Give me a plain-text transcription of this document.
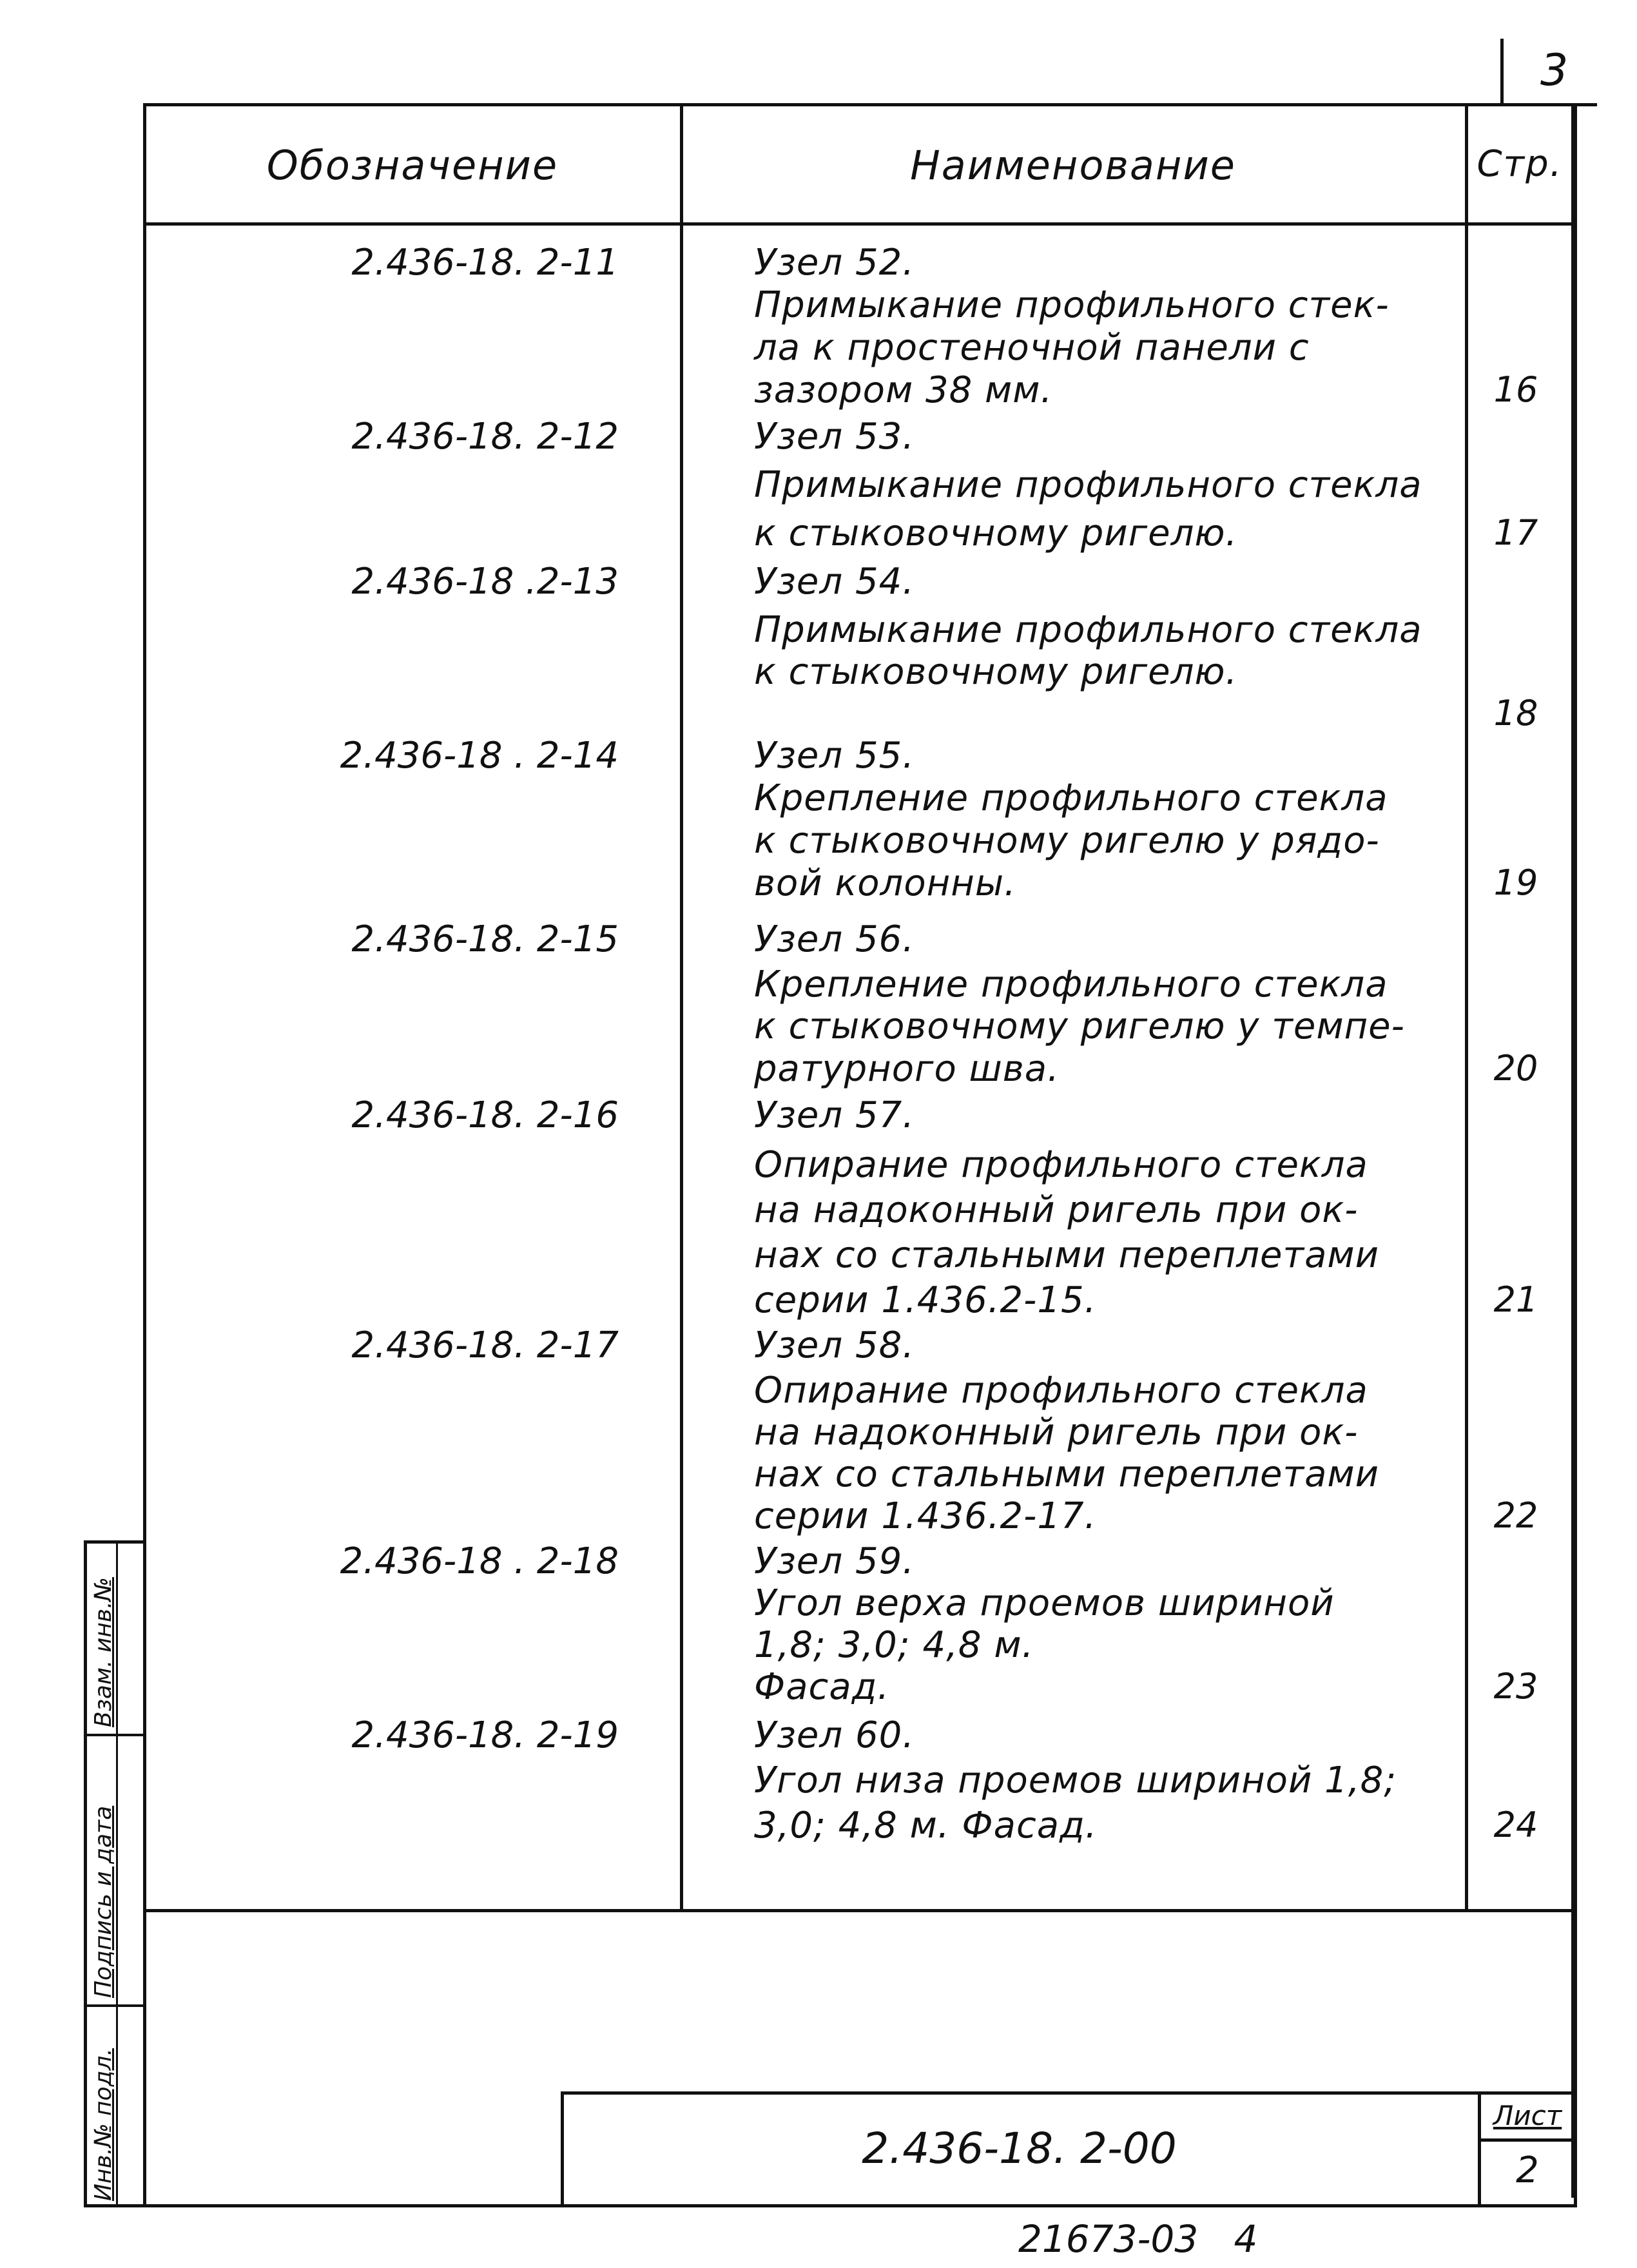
3
Обозначение	Наименование	Стр.
2.436-18. 2-11	Узел 52.
Примыкание профильного стек-
ла к простеночной панели с
зазором 38 мм.	16
2.436-18. 2-12	Узел 53.
Примыкание профильного стекла
к стыковочному ригелю.	17
2.436-18 .2-13	Узел 54.
Примыкание профильного стекла
к стыковочному ригелю.
18
2.436-18 . 2-14	Узел 55.
Крепление профильного стекла
к стыковочному ригелю у рядо-
вой колонны.	19
2.436-18. 2-15	Узел 56.
Крепление профильного стекла
к стыковочному ригелю у темпе-
ратурного шва.	20
2.436-18. 2-16	Узел 57.
Опирание профильного стекла
на надоконный ригель при ок-
нах со стальными переплетами
серии 1.436.2-15.	21
2.436-18. 2-17	Узел 58.
Опирание профильного стекла
на надоконный ригель при ок-
нах со стальными переплетами
серии 1.436.2-17.	22
2.436-18 . 2-18	Узел 59.
Угол верха проемов шириной
1,8; 3,0; 4,8 м.
Фасад.	23
2.436-18. 2-19	Узел 60.
Угол низа проемов шириной 1,8;
3,0; 4,8 м. Фасад.	24
2.436-18. 2-00
Лист
2
Взам. инв.№
Подпись и дата
Инв.№ подл.
21673-03   4
